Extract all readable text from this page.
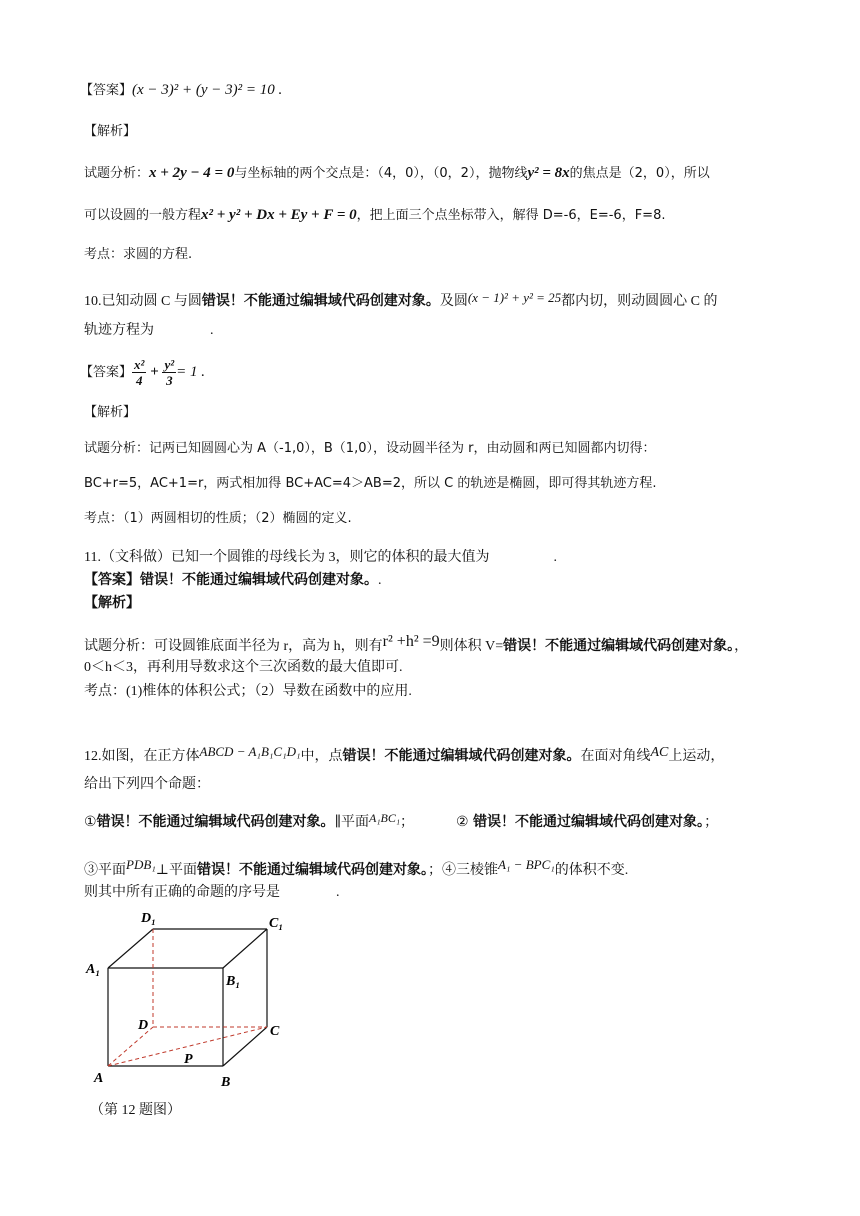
【答案】(x − 3)² + (y − 3)² = 10 .
【解析】
试题分析：x + 2y − 4 = 0与坐标轴的两个交点是：（4，0），（0，2），抛物线y² = 8x的焦点是（2，0），所以
可以设圆的一般方程x² + y² + Dx + Ey + F = 0，把上面三个点坐标带入，解得 D=-6，E=-6，F=8.
考点：求圆的方程.
10.已知动圆 C 与圆错误！不能通过编辑域代码创建对象。及圆(x − 1)² + y² = 25都内切，则动圆圆心 C 的
轨迹方程为	.
【答案】 $\frac{\text{x²}}{4} + \frac{\text{y²}}{3} = 1$ .
【解析】
试题分析：记两已知圆圆心为 A（-1,0），B（1,0），设动圆半径为 r，由动圆和两已知圆都内切得：
BC+r=5，AC+1=r，两式相加得 BC+AC=4＞AB=2，所以 C 的轨迹是椭圆，即可得其轨迹方程.
考点：（1）两圆相切的性质；（2）椭圆的定义.
11.（文科做）已知一个圆锥的母线长为 3，则它的体积的最大值为	.
【答案】错误！不能通过编辑域代码创建对象。.
【解析】
试题分析：可设圆锥底面半径为 r，高为 h，则有r² +h² =9则体积 V=错误！不能通过编辑域代码创建对象。，
0＜h＜3，再利用导数求这个三次函数的最大值即可.
考点：(1)椎体的体积公式；（2）导数在函数中的应用.
12.如图，在正方体ABCD − A₁B₁C₁D₁中，点错误！不能通过编辑域代码创建对象。在面对角线AC上运动，
给出下列四个命题：
①错误！不能通过编辑域代码创建对象。∥平面A₁BC₁；	② 错误！不能通过编辑域代码创建对象。；
③平面PDB₁⊥平面错误！不能通过编辑域代码创建对象。；④三棱锥A₁ − BPC₁的体积不变.
则其中所有正确的命题的序号是	.
D₁	C₁
A₁
B₁
D	C
P
A	B
（第 12 题图）
